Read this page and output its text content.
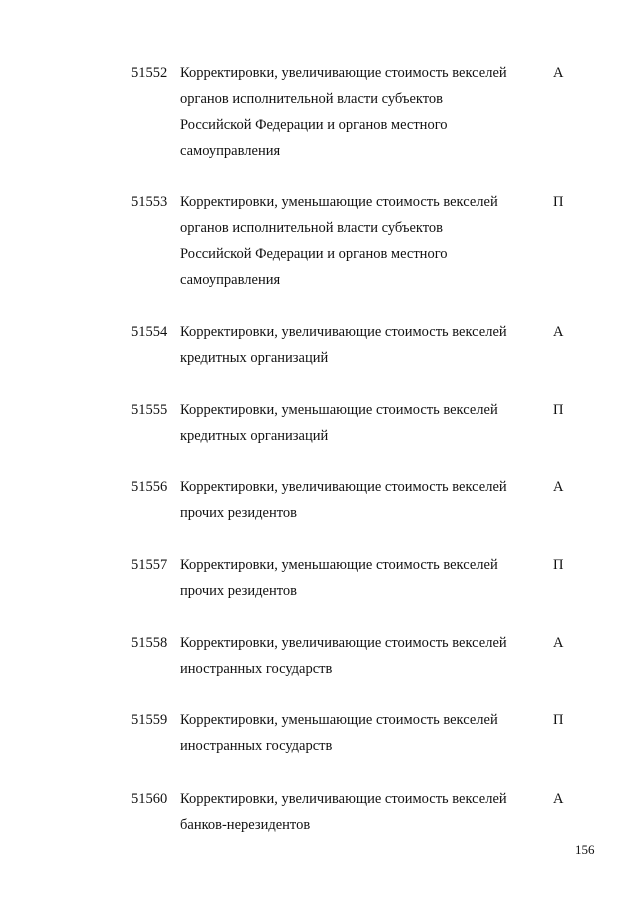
51552 Корректировки, увеличивающие стоимость векселей
органов исполнительной власти субъектов
Российской Федерации и органов местного
самоуправления
А
51553 Корректировки, уменьшающие стоимость векселей
органов исполнительной власти субъектов
Российской Федерации и органов местного
самоуправления
П
51554 Корректировки, увеличивающие стоимость векселей
кредитных организаций
А
51555 Корректировки, уменьшающие стоимость векселей
кредитных организаций
П
51556 Корректировки, увеличивающие стоимость векселей
прочих резидентов
А
51557 Корректировки, уменьшающие стоимость векселей
прочих резидентов
П
51558 Корректировки, увеличивающие стоимость векселей
иностранных государств
А
51559 Корректировки, уменьшающие стоимость векселей
иностранных государств
П
51560 Корректировки, увеличивающие стоимость векселей
банков-нерезидентов
А
156
